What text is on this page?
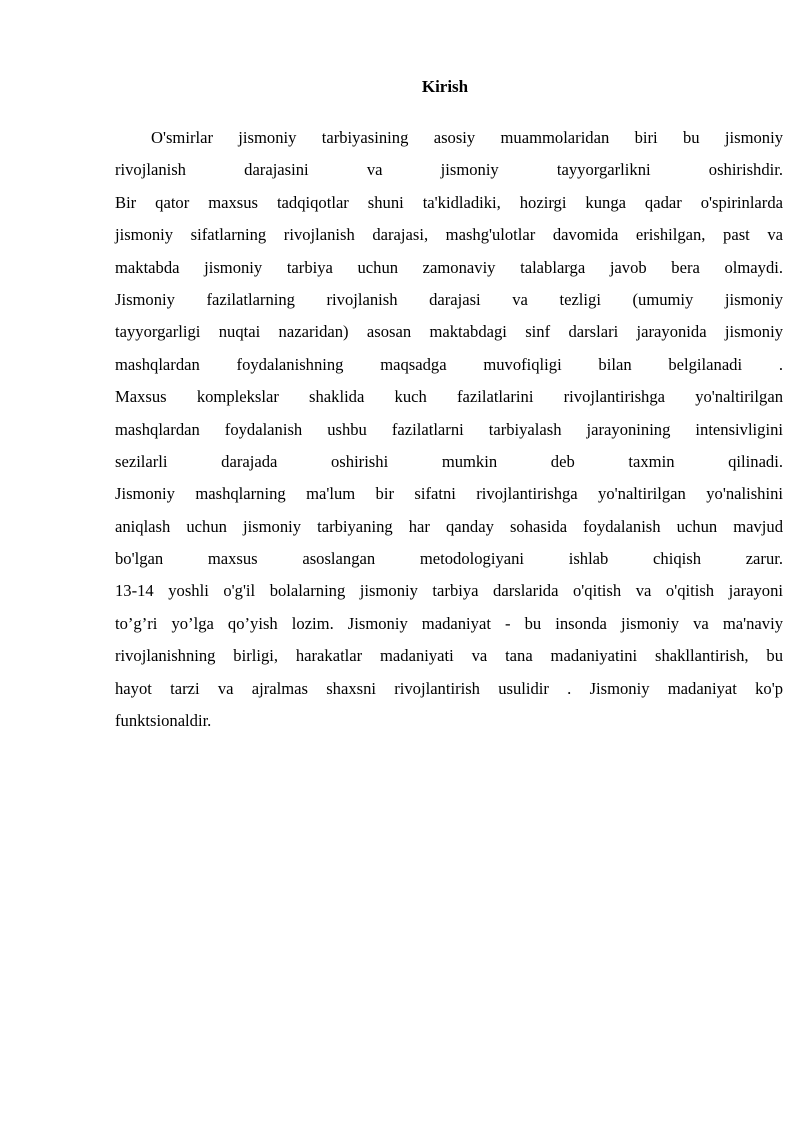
Kirish
O'smirlar jismoniy tarbiyasining asosiy muammolaridan biri bu jismoniy
rivojlanish darajasini va jismoniy tayyorgarlikni oshirishdir.
Bir qator maxsus tadqiqotlar shuni ta'kidladiki, hozirgi kunga qadar o'spirinlarda
jismoniy sifatlarning rivojlanish darajasi, mashg'ulotlar davomida erishilgan, past va
maktabda jismoniy tarbiya uchun zamonaviy talablarga javob bera olmaydi.
Jismoniy fazilatlarning rivojlanish darajasi va tezligi (umumiy jismoniy
tayyorgarligi nuqtai nazaridan) asosan maktabdagi sinf darslari jarayonida jismoniy
mashqlardan foydalanishning maqsadga muvofiqligi bilan belgilanadi .
Maxsus komplekslar shaklida kuch fazilatlarini rivojlantirishga yo'naltirilgan
mashqlardan foydalanish ushbu fazilatlarni tarbiyalash jarayonining intensivligini
sezilarli darajada oshirishi mumkin deb taxmin qilinadi.
Jismoniy mashqlarning ma'lum bir sifatni rivojlantirishga yo'naltirilgan yo'nalishini
aniqlash uchun jismoniy tarbiyaning har qanday sohasida foydalanish uchun mavjud
bo'lgan maxsus asoslangan metodologiyani ishlab chiqish zarur.
13-14 yoshli o'g'il bolalarning jismoniy tarbiya darslarida o'qitish va o'qitish jarayoni
to’g’ri yo’lga qo’yish lozim. Jismoniy madaniyat - bu insonda jismoniy va ma'naviy
rivojlanishning birligi, harakatlar madaniyati va tana madaniyatini shakllantirish, bu
hayot tarzi va ajralmas shaxsni rivojlantirish usulidir . Jismoniy madaniyat ko'p
funktsionaldir.
